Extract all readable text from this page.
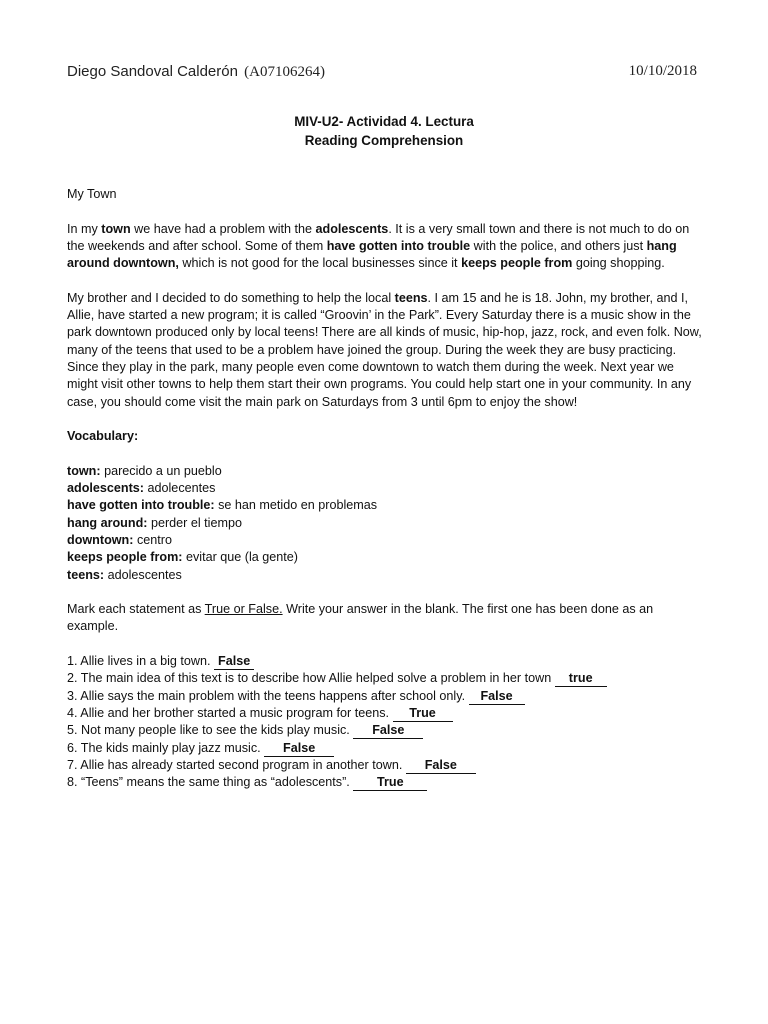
Diego Sandoval Calderón (A07106264)	10/10/2018
MIV-U2- Actividad 4. Lectura
Reading Comprehension

My Town

In my town we have had a problem with the adolescents. It is a very small town and there is not much to do on the weekends and after school. Some of them have gotten into trouble with the police, and others just hang around downtown, which is not good for the local businesses since it keeps people from going shopping.

My brother and I decided to do something to help the local teens. I am 15 and he is 18. John, my brother, and I, Allie, have started a new program; it is called “Groovin’ in the Park”. Every Saturday there is a music show in the park downtown produced only by local teens! There are all kinds of music, hip-hop, jazz, rock, and even folk. Now, many of the teens that used to be a problem have joined the group. During the week they are busy practicing. Since they play in the park, many people even come downtown to watch them during the week. Next year we might visit other towns to help them start their own programs. You could help start one in your community. In any case, you should come visit the main park on Saturdays from 3 until 6pm to enjoy the show!

Vocabulary:

town: parecido a un pueblo

adolescents: adolecentes

have gotten into trouble: se han metido en problemas

hang around: perder el tiempo

downtown: centro

keeps people from: evitar que (la gente)

teens: adolescentes

Mark each statement as True or False. Write your answer in the blank. The first one has been done as an example.

1. Allie lives in a big town. False

2. The main idea of this text is to describe how Allie helped solve a problem in her town true

3. Allie says the main problem with the teens happens after school only. False

4. Allie and her brother started a music program for teens. True

5. Not many people like to see the kids play music. False

6. The kids mainly play jazz music. False

7. Allie has already started second program in another town. False

8. “Teens” means the same thing as “adolescents”. True
